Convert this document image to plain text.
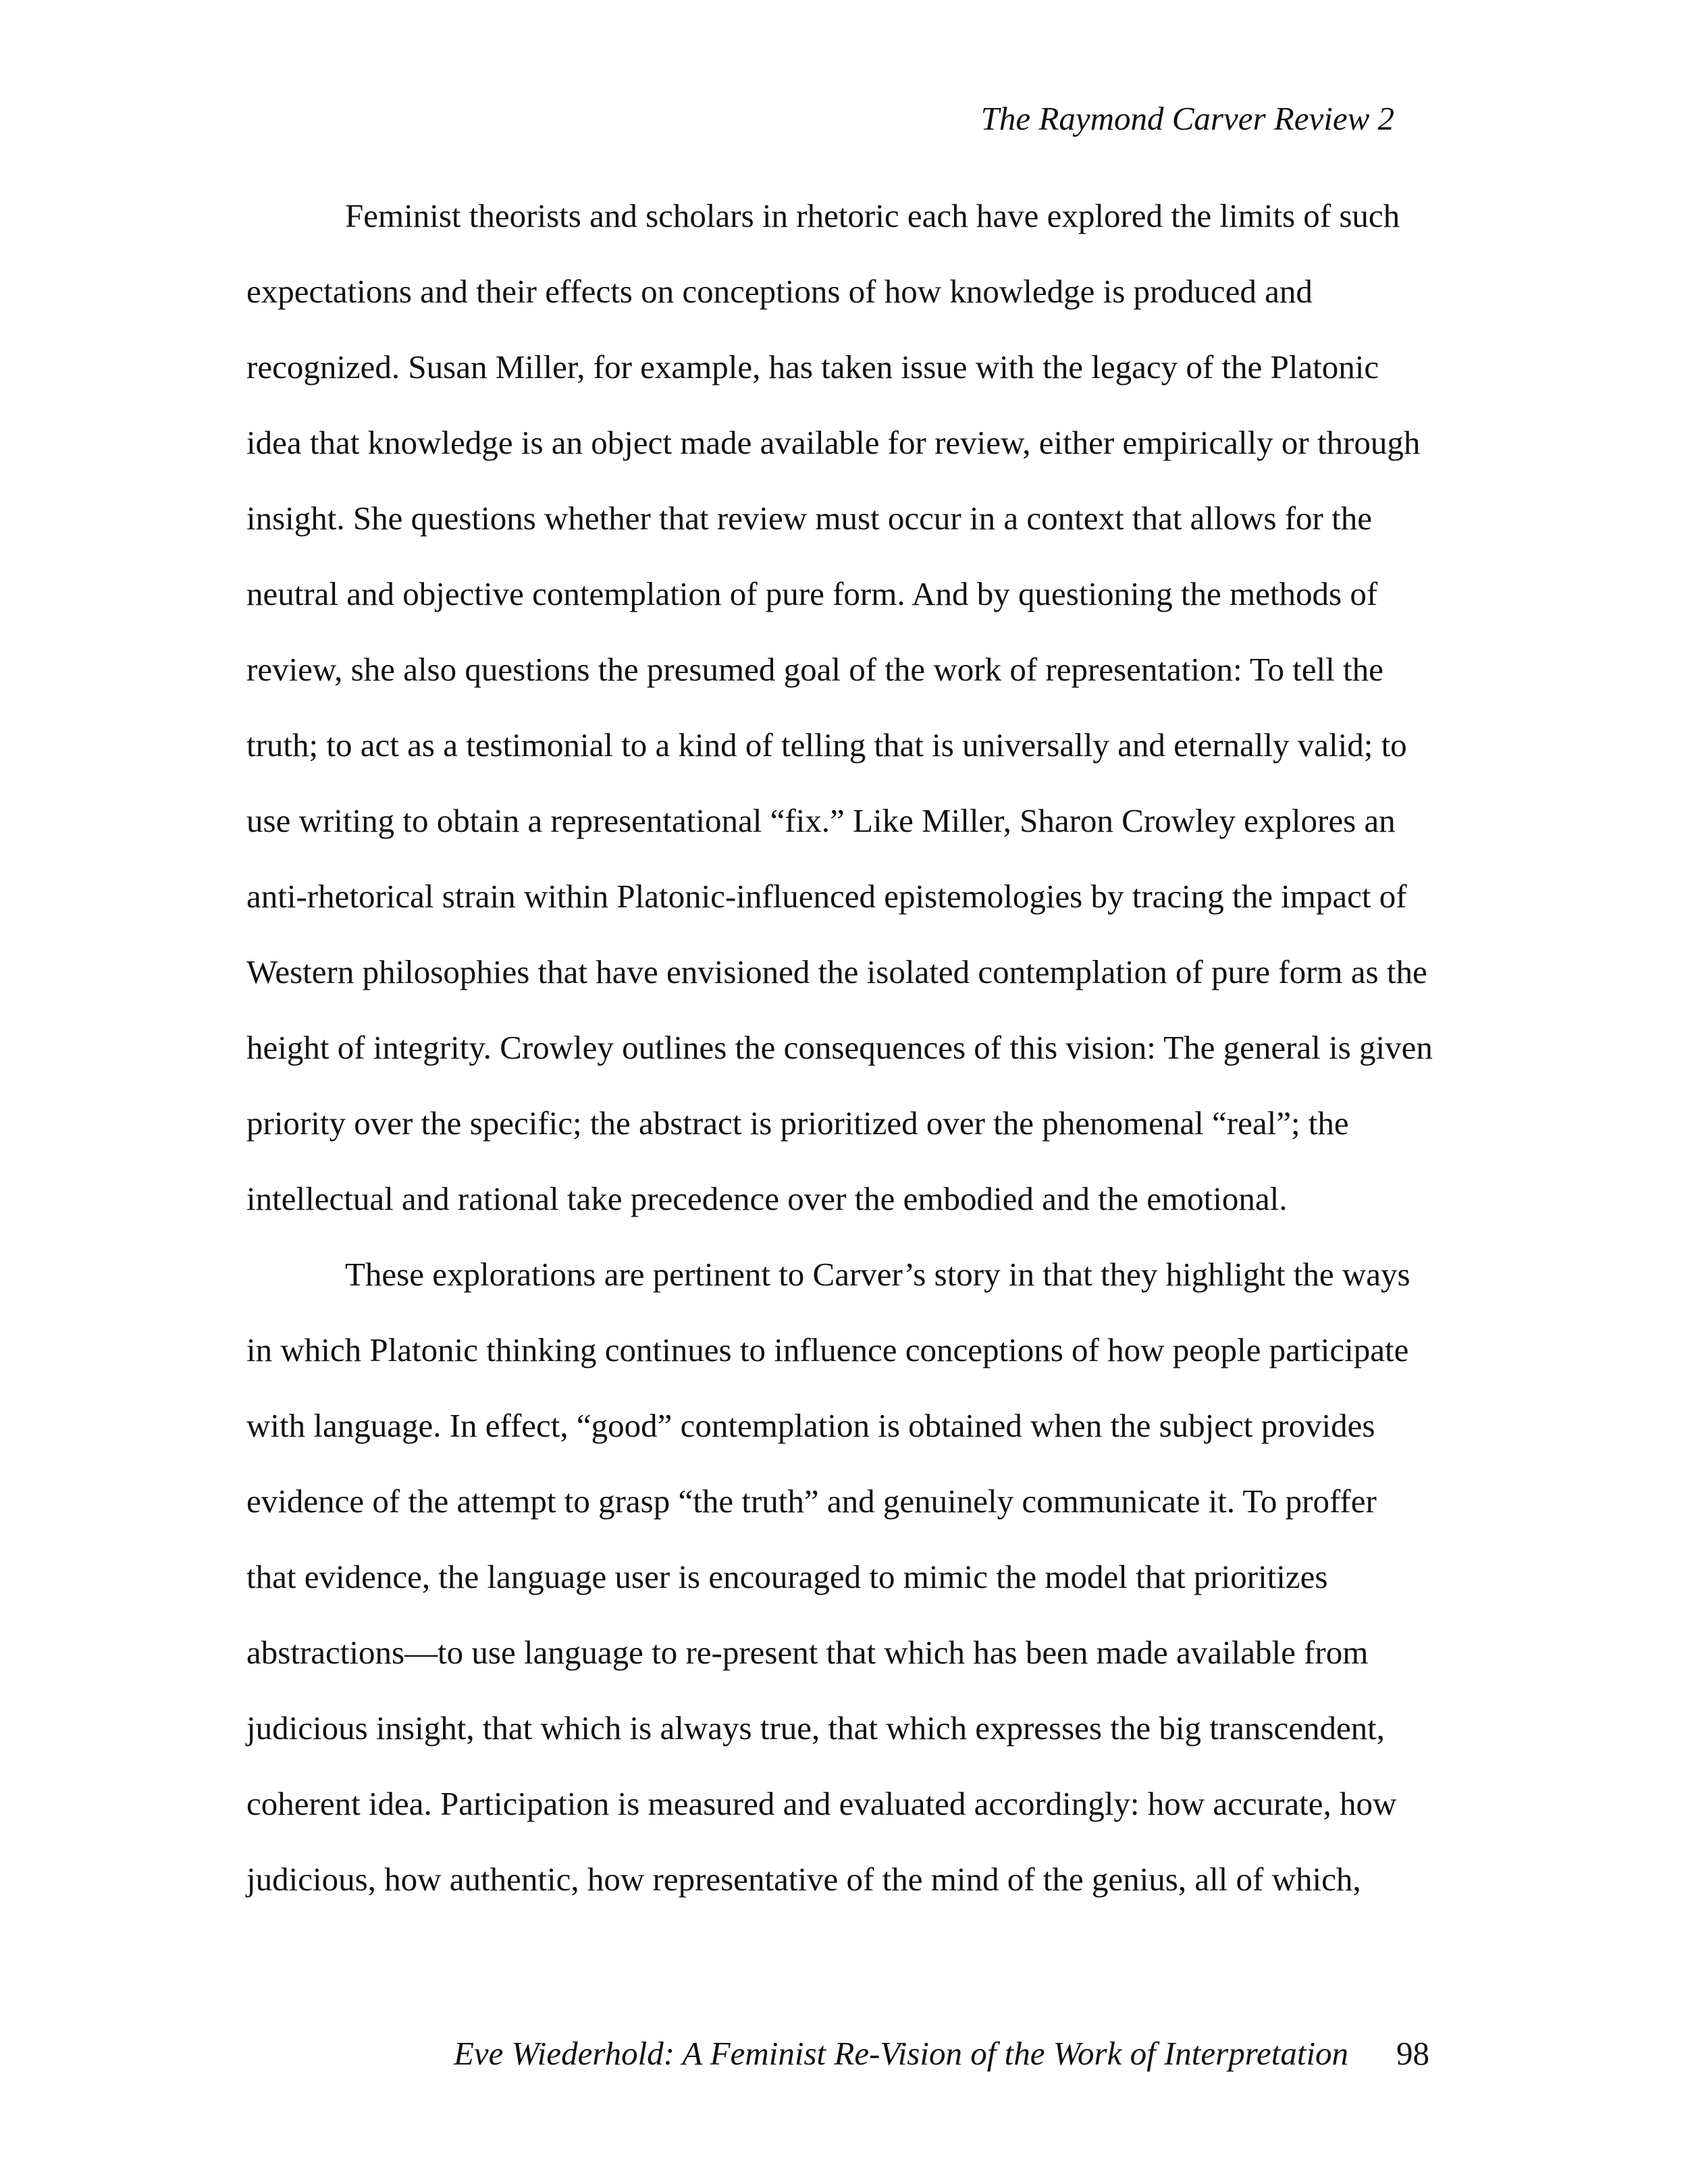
The Raymond Carver Review 2
Feminist theorists and scholars in rhetoric each have explored the limits of such
expectations and their effects on conceptions of how knowledge is produced and
recognized. Susan Miller, for example, has taken issue with the legacy of the Platonic
idea that knowledge is an object made available for review, either empirically or through
insight. She questions whether that review must occur in a context that allows for the
neutral and objective contemplation of pure form. And by questioning the methods of
review, she also questions the presumed goal of the work of representation: To tell the
truth; to act as a testimonial to a kind of telling that is universally and eternally valid; to
use writing to obtain a representational “fix.” Like Miller, Sharon Crowley explores an
anti-rhetorical strain within Platonic-influenced epistemologies by tracing the impact of
Western philosophies that have envisioned the isolated contemplation of pure form as the
height of integrity. Crowley outlines the consequences of this vision: The general is given
priority over the specific; the abstract is prioritized over the phenomenal “real”; the
intellectual and rational take precedence over the embodied and the emotional.
These explorations are pertinent to Carver’s story in that they highlight the ways
in which Platonic thinking continues to influence conceptions of how people participate
with language. In effect, “good” contemplation is obtained when the subject provides
evidence of the attempt to grasp “the truth” and genuinely communicate it. To proffer
that evidence, the language user is encouraged to mimic the model that prioritizes
abstractions—to use language to re-present that which has been made available from
judicious insight, that which is always true, that which expresses the big transcendent,
coherent idea. Participation is measured and evaluated accordingly: how accurate, how
judicious, how authentic, how representative of the mind of the genius, all of which,
Eve Wiederhold: A Feminist Re-Vision of the Work of Interpretation 98
